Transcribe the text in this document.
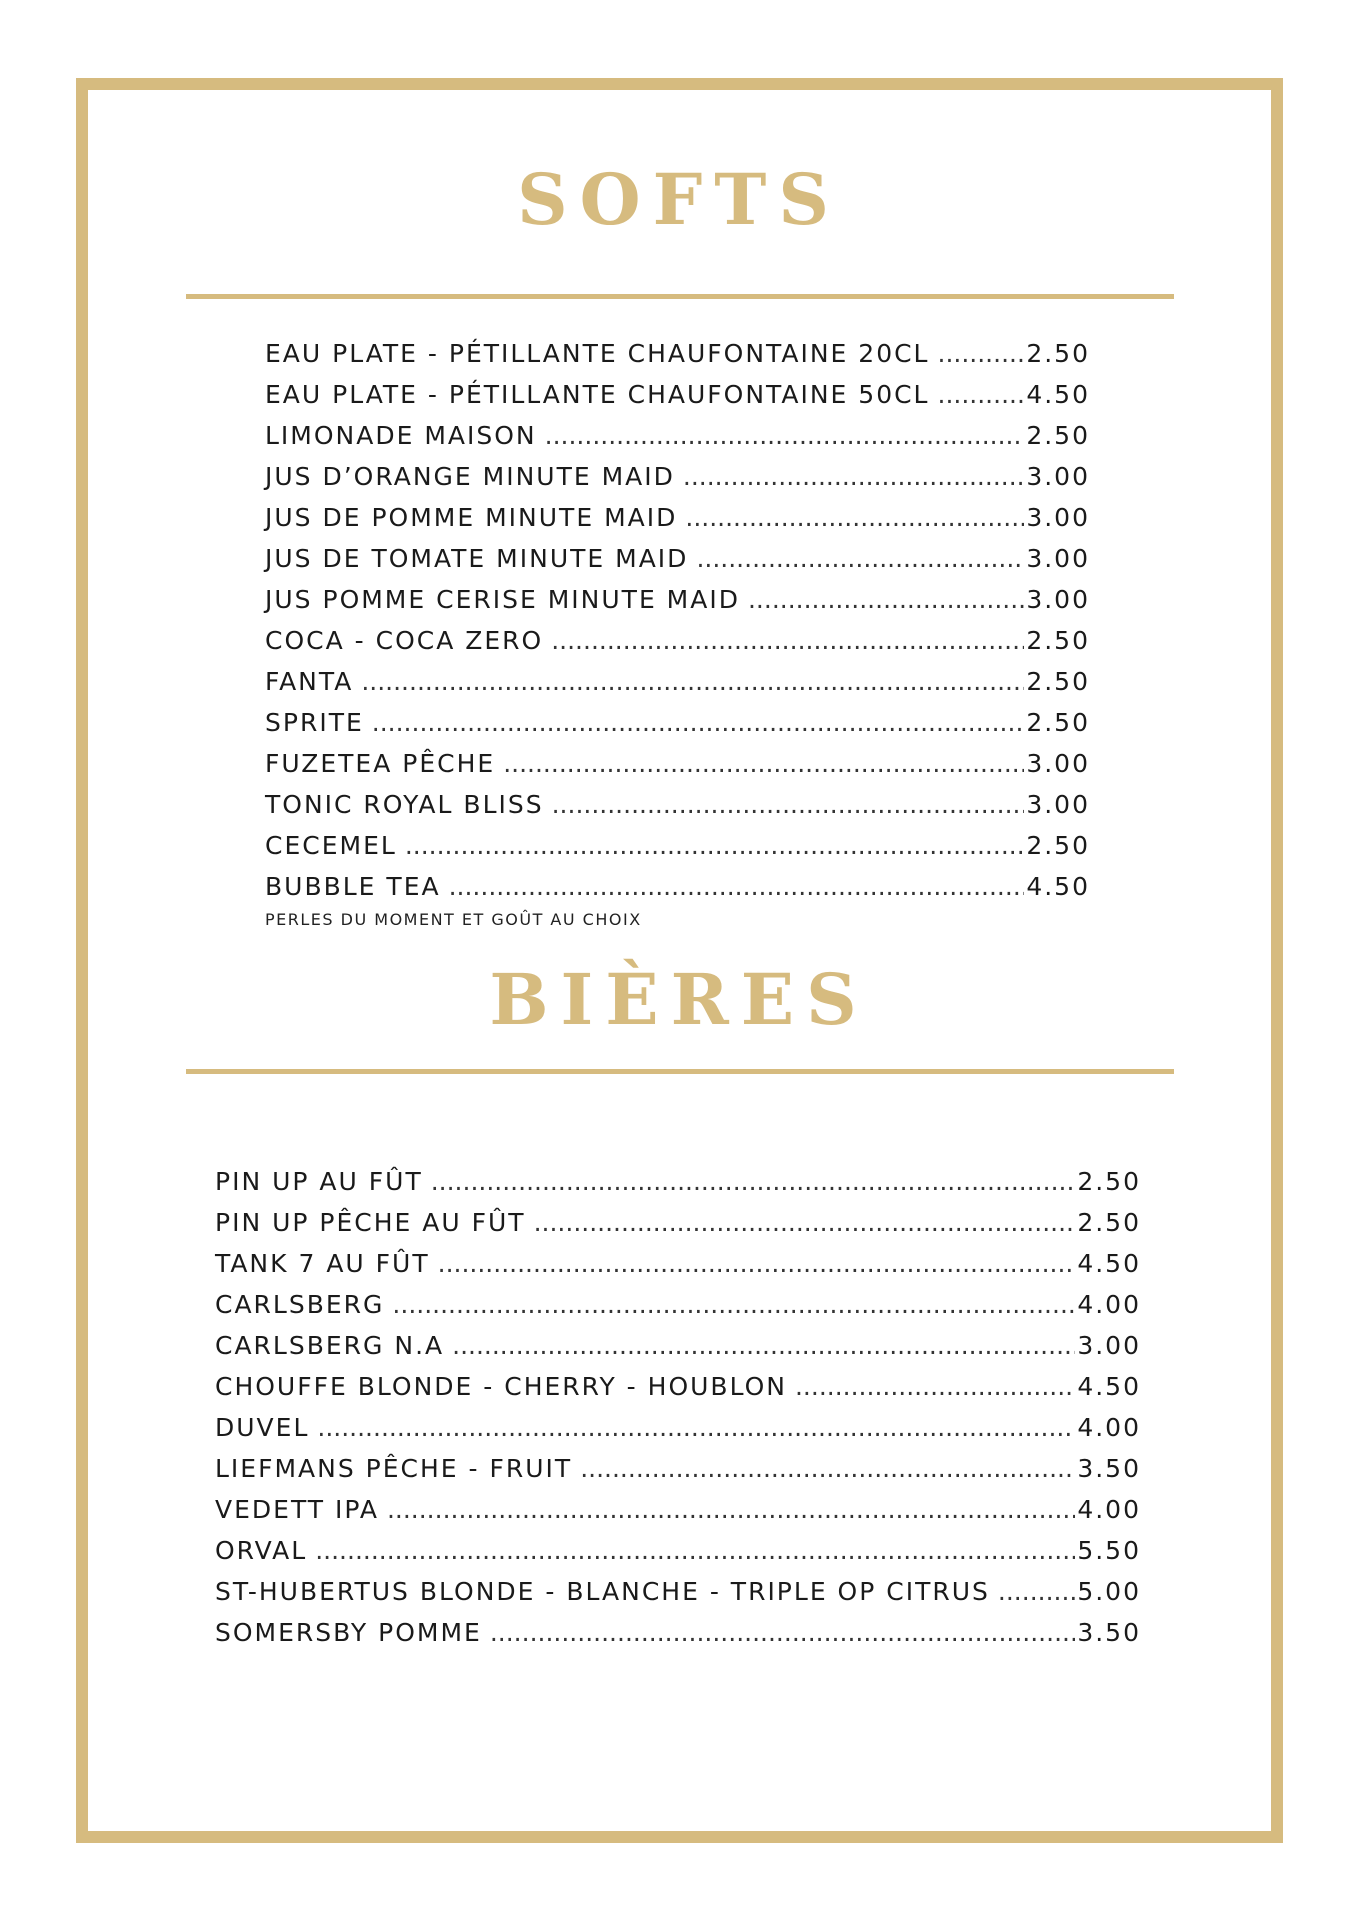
SOFTS
EAU PLATE - PÉTILLANTE CHAUFONTAINE 20CL .....	2.50
EAU PLATE - PÉTILLANTE CHAUFONTAINE 50CL .....	4.50
LIMONADE MAISON .....	2.50
JUS D’ORANGE MINUTE MAID .....	3.00
JUS DE POMME MINUTE MAID .....	3.00
JUS DE TOMATE MINUTE MAID .....	3.00
JUS POMME CERISE MINUTE MAID .....	3.00
COCA - COCA ZERO .....	2.50
FANTA .....	2.50
SPRITE .....	2.50
FUZETEA PÊCHE .....	3.00
TONIC ROYAL BLISS .....	3.00
CECEMEL .....	2.50
BUBBLE TEA .....	4.50
PERLES DU MOMENT ET GOÛT AU CHOIX
BIÈRES
PIN UP AU FÛT .....	2.50
PIN UP PÊCHE AU FÛT .....	2.50
TANK 7 AU FÛT .....	4.50
CARLSBERG .....	4.00
CARLSBERG N.A .....	3.00
CHOUFFE BLONDE - CHERRY - HOUBLON .....	4.50
DUVEL .....	4.00
LIEFMANS PÊCHE - FRUIT .....	3.50
VEDETT IPA .....	4.00
ORVAL .....	5.50
ST-HUBERTUS BLONDE - BLANCHE - TRIPLE OP CITRUS .....	5.00
SOMERSBY POMME .....	3.50
